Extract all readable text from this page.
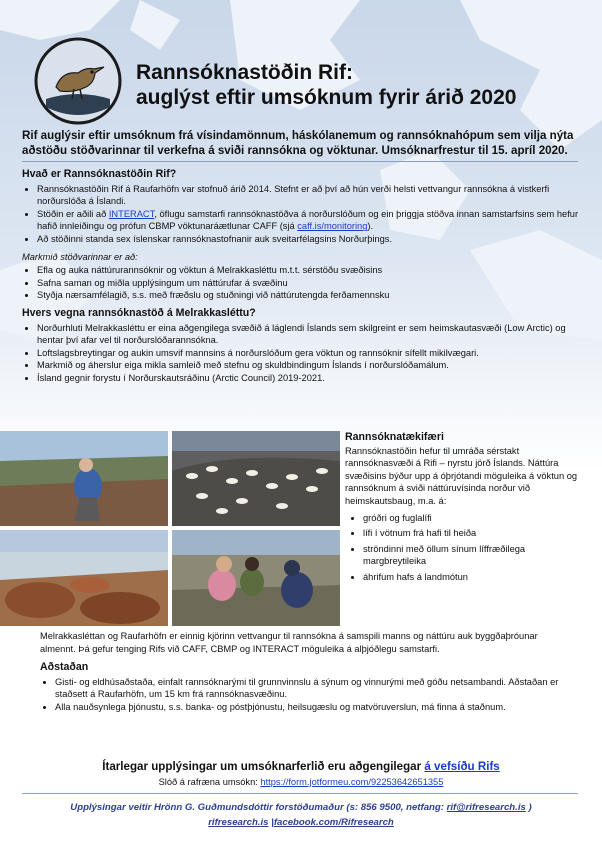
Rannsóknastöðin Rif:
auglýst eftir umsóknum fyrir árið 2020
Rif auglýsir eftir umsóknum frá vísindamönnum, háskólanemum og rannsóknahópum sem vilja nýta aðstöðu stöðvarinnar til verkefna á sviði rannsókna og vöktunar. Umsóknarfrestur til 15. apríl 2020.
Hvað er Rannsóknastöðin Rif?
• Rannsóknastöðin Rif á Raufarhöfn var stofnuð árið 2014. Stefnt er að því að hún verði helsti vettvangur rannsókna á vistkerfi norðurslóða á Íslandi.
• Stöðin er aðili að INTERACT, öflugu samstarfi rannsóknastöðva á norðurslóðum og ein þriggja stöðva innan samstarfsins sem hefur hafið innleiðingu og prófun CBMP vöktunaráætlunar CAFF (sjá caff.is/monitoring).
• Að stöðinni standa sex íslenskar rannsóknastofnanir auk sveitarfélagsins Norðurþings.
Markmið stöðvarinnar er að:
• Efla og auka náttúrurannsóknir og vöktun á Melrakkasléttu m.t.t. sérstöðu svæðisins
• Safna saman og miðla upplýsingum um náttúrufar á svæðinu
• Styðja nærsamfélagið, s.s. með fræðslu og stuðningi við náttúrutengda ferðamennsku
Hvers vegna rannsóknastöð á Melrakkasléttu?
• Norðurhluti Melrakkasléttu er eina aðgengilega svæðið á láglendi Íslands sem skilgreint er sem heimskautasvæði (Low Arctic) og hentar því afar vel til norðurslóðarannsókna.
• Loftslagsbreytingar og aukin umsvif mannsins á norðurslóðum gera vöktun og rannsóknir sífellt mikilvægari.
• Markmið og áherslur eiga mikla samleið með stefnu og skuldbindingum Íslands í norðurslóðamálum.
• Ísland gegnir forystu í Norðurskautsráðinu (Arctic Council) 2019-2021.
Rannsóknatækifæri
Rannsóknastöðin hefur til umráða sérstakt rannsóknasvæði á Rifi – nyrstu jörð Íslands. Náttúra svæðisins býður upp á óþrjótandi möguleika á vöktun og rannsóknum á sviði náttúruvísinda norður við heimskautsbaug, m.a. á:
• gróðri og fuglalífi
• lífi í vötnum frá hafi til heiða
• ströndinni með öllum sínum líffræðilega margbreytileika
• áhrifum hafs á landmótun
Melrakkasléttan og Raufarhöfn er einnig kjörinn vettvangur til rannsókna á samspili manns og náttúru auk byggðaþróunar almennt. Þá gefur tenging Rifs við CAFF, CBMP og INTERACT möguleika á alþjóðlegu samstarfi.
Aðstaðan
• Gisti- og eldhúsaðstaða, einfalt rannsóknarými til grunnvinnslu á sýnum og vinnurými með góðu netsambandi. Aðstaðan er staðsett á Raufarhöfn, um 15 km frá rannsóknasvæðinu.
• Alla nauðsynlega þjónustu, s.s. banka- og póstþjónustu, heilsugæslu og matvöruverslun, má finna á staðnum.
Ítarlegar upplýsingar um umsóknarferlið eru aðgengilegar á vefsíðu Rifs
Slóð á rafræna umsókn: https://form.jotformeu.com/92253642651355
Upplýsingar veitir Hrönn G. Guðmundsdóttir forstöðumaður (s: 856 9500, netfang: rif@rifresearch.is )
rifresearch.is |facebook.com/Rifresearch
